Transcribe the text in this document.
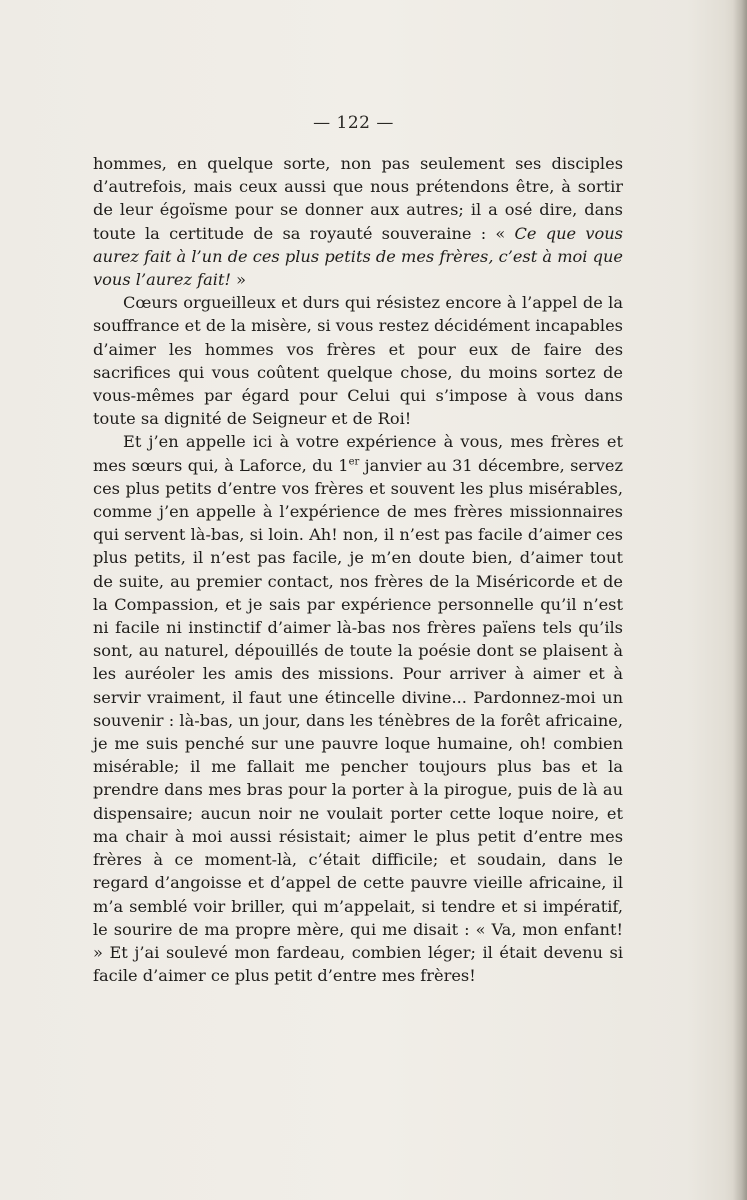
— 122 —

hommes, en quelque sorte, non pas seulement ses disciples d’autrefois, mais ceux aussi que nous prétendons être, à sortir de leur égoïsme pour se donner aux autres; il a osé dire, dans toute la certitude de sa royauté souveraine : « Ce que vous aurez fait à l’un de ces plus petits de mes frères, c’est à moi que vous l’aurez fait! »

Cœurs orgueilleux et durs qui résistez encore à l’appel de la souffrance et de la misère, si vous restez décidément incapables d’aimer les hommes vos frères et pour eux de faire des sacrifices qui vous coûtent quelque chose, du moins sortez de vous-mêmes par égard pour Celui qui s’impose à vous dans toute sa dignité de Seigneur et de Roi!

Et j’en appelle ici à votre expérience à vous, mes frères et mes sœurs qui, à Laforce, du 1er janvier au 31 décembre, servez ces plus petits d’entre vos frères et souvent les plus misérables, comme j’en appelle à l’expérience de mes frères missionnaires qui servent là-bas, si loin. Ah! non, il n’est pas facile d’aimer ces plus petits, il n’est pas facile, je m’en doute bien, d’aimer tout de suite, au premier contact, nos frères de la Miséricorde et de la Compassion, et je sais par expérience personnelle qu’il n’est ni facile ni instinctif d’aimer là-bas nos frères païens tels qu’ils sont, au naturel, dépouillés de toute la poésie dont se plaisent à les auréoler les amis des missions. Pour arriver à aimer et à servir vraiment, il faut une étincelle divine... Pardonnez-moi un souvenir : là-bas, un jour, dans les ténèbres de la forêt africaine, je me suis penché sur une pauvre loque humaine, oh! combien misérable; il me fallait me pencher toujours plus bas et la prendre dans mes bras pour la porter à la pirogue, puis de là au dispensaire; aucun noir ne voulait porter cette loque noire, et ma chair à moi aussi résistait; aimer le plus petit d’entre mes frères à ce moment-là, c’était difficile; et soudain, dans le regard d’angoisse et d’appel de cette pauvre vieille africaine, il m’a semblé voir briller, qui m’appelait, si tendre et si impératif, le sourire de ma propre mère, qui me disait : « Va, mon enfant! » Et j’ai soulevé mon fardeau, combien léger; il était devenu si facile d’aimer ce plus petit d’entre mes frères!
